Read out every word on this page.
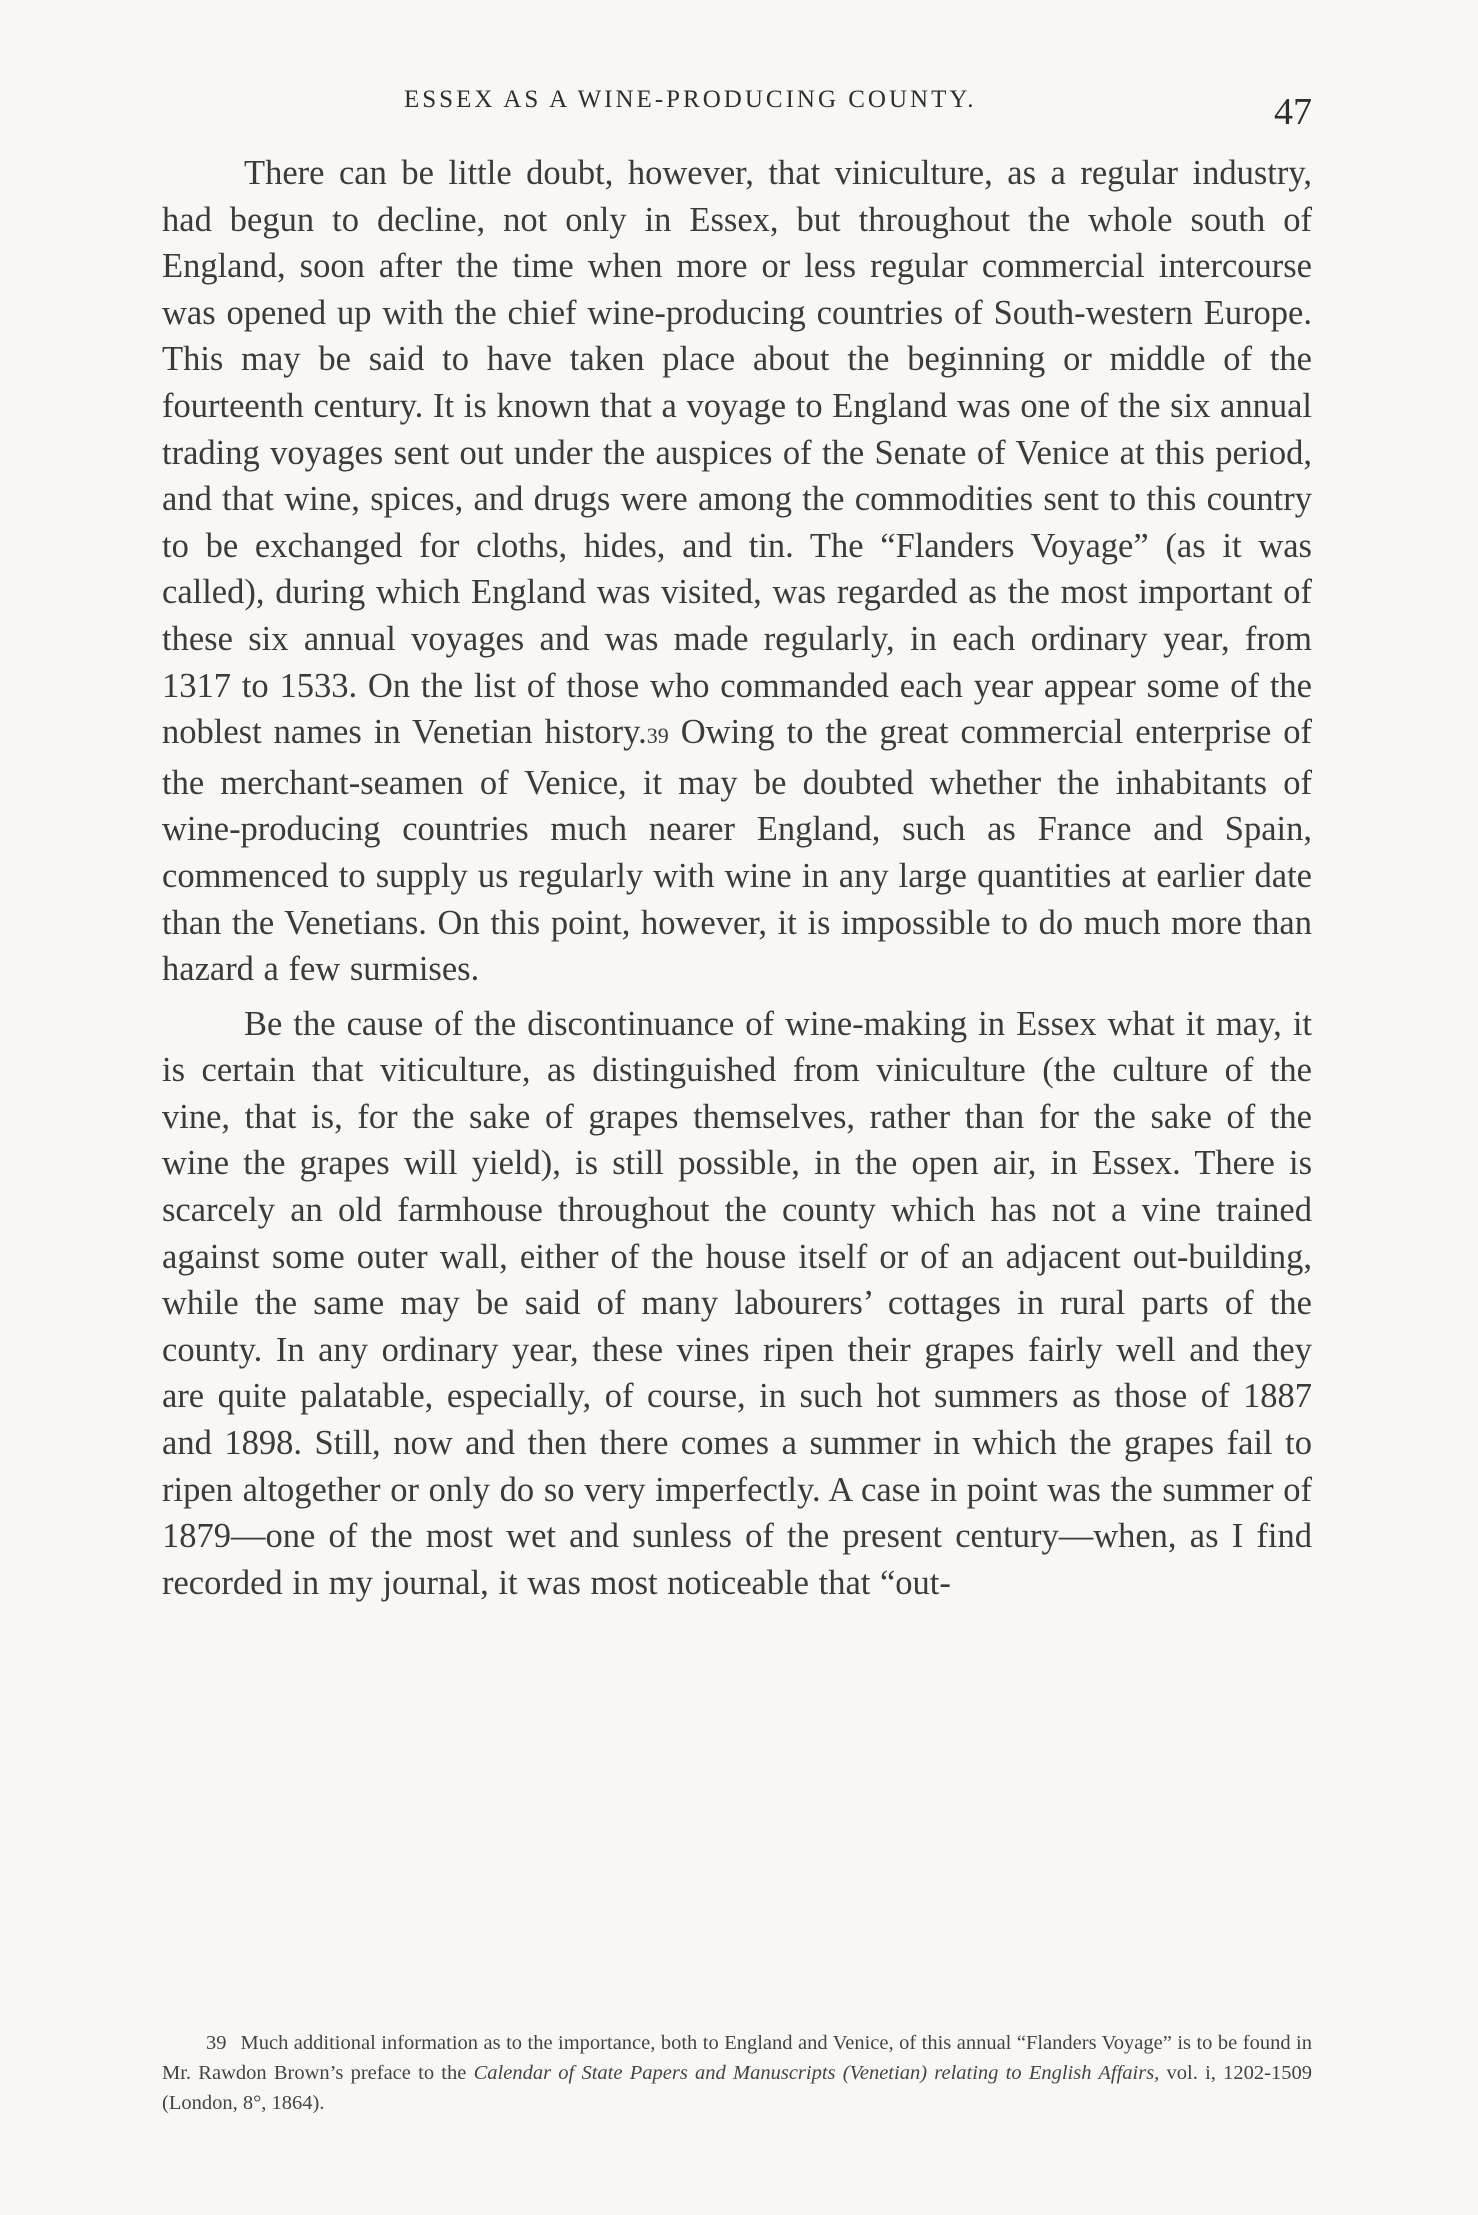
ESSEX AS A WINE-PRODUCING COUNTY.	47

There can be little doubt, however, that viniculture, as a regular industry, had begun to decline, not only in Essex, but throughout the whole south of England, soon after the time when more or less regular commercial intercourse was opened up with the chief wine-producing countries of South-western Europe. This may be said to have taken place about the beginning or middle of the fourteenth century. It is known that a voyage to England was one of the six annual trading voyages sent out under the auspices of the Senate of Venice at this period, and that wine, spices, and drugs were among the commodities sent to this country to be exchanged for cloths, hides, and tin. The “Flanders Voyage” (as it was called), during which England was visited, was regarded as the most important of these six annual voyages and was made regularly, in each ordinary year, from 1317 to 1533. On the list of those who commanded each year appear some of the noblest names in Venetian history.39 Owing to the great commercial enterprise of the merchant-seamen of Venice, it may be doubted whether the inhabitants of wine-producing countries much nearer England, such as France and Spain, commenced to supply us regularly with wine in any large quantities at earlier date than the Venetians. On this point, however, it is impossible to do much more than hazard a few surmises.

Be the cause of the discontinuance of wine-making in Essex what it may, it is certain that viticulture, as distinguished from viniculture (the culture of the vine, that is, for the sake of grapes themselves, rather than for the sake of the wine the grapes will yield), is still possible, in the open air, in Essex. There is scarcely an old farmhouse throughout the county which has not a vine trained against some outer wall, either of the house itself or of an adjacent out-building, while the same may be said of many labourers’ cottages in rural parts of the county. In any ordinary year, these vines ripen their grapes fairly well and they are quite palatable, especially, of course, in such hot summers as those of 1887 and 1898. Still, now and then there comes a summer in which the grapes fail to ripen altogether or only do so very imperfectly. A case in point was the summer of 1879—one of the most wet and sunless of the present century—when, as I find recorded in my journal, it was most noticeable that “out-

39 Much additional information as to the importance, both to England and Venice, of this annual “Flanders Voyage” is to be found in Mr. Rawdon Brown’s preface to the Calendar of State Papers and Manuscripts (Venetian) relating to English Affairs, vol. i, 1202-1509 (London, 8°, 1864).
